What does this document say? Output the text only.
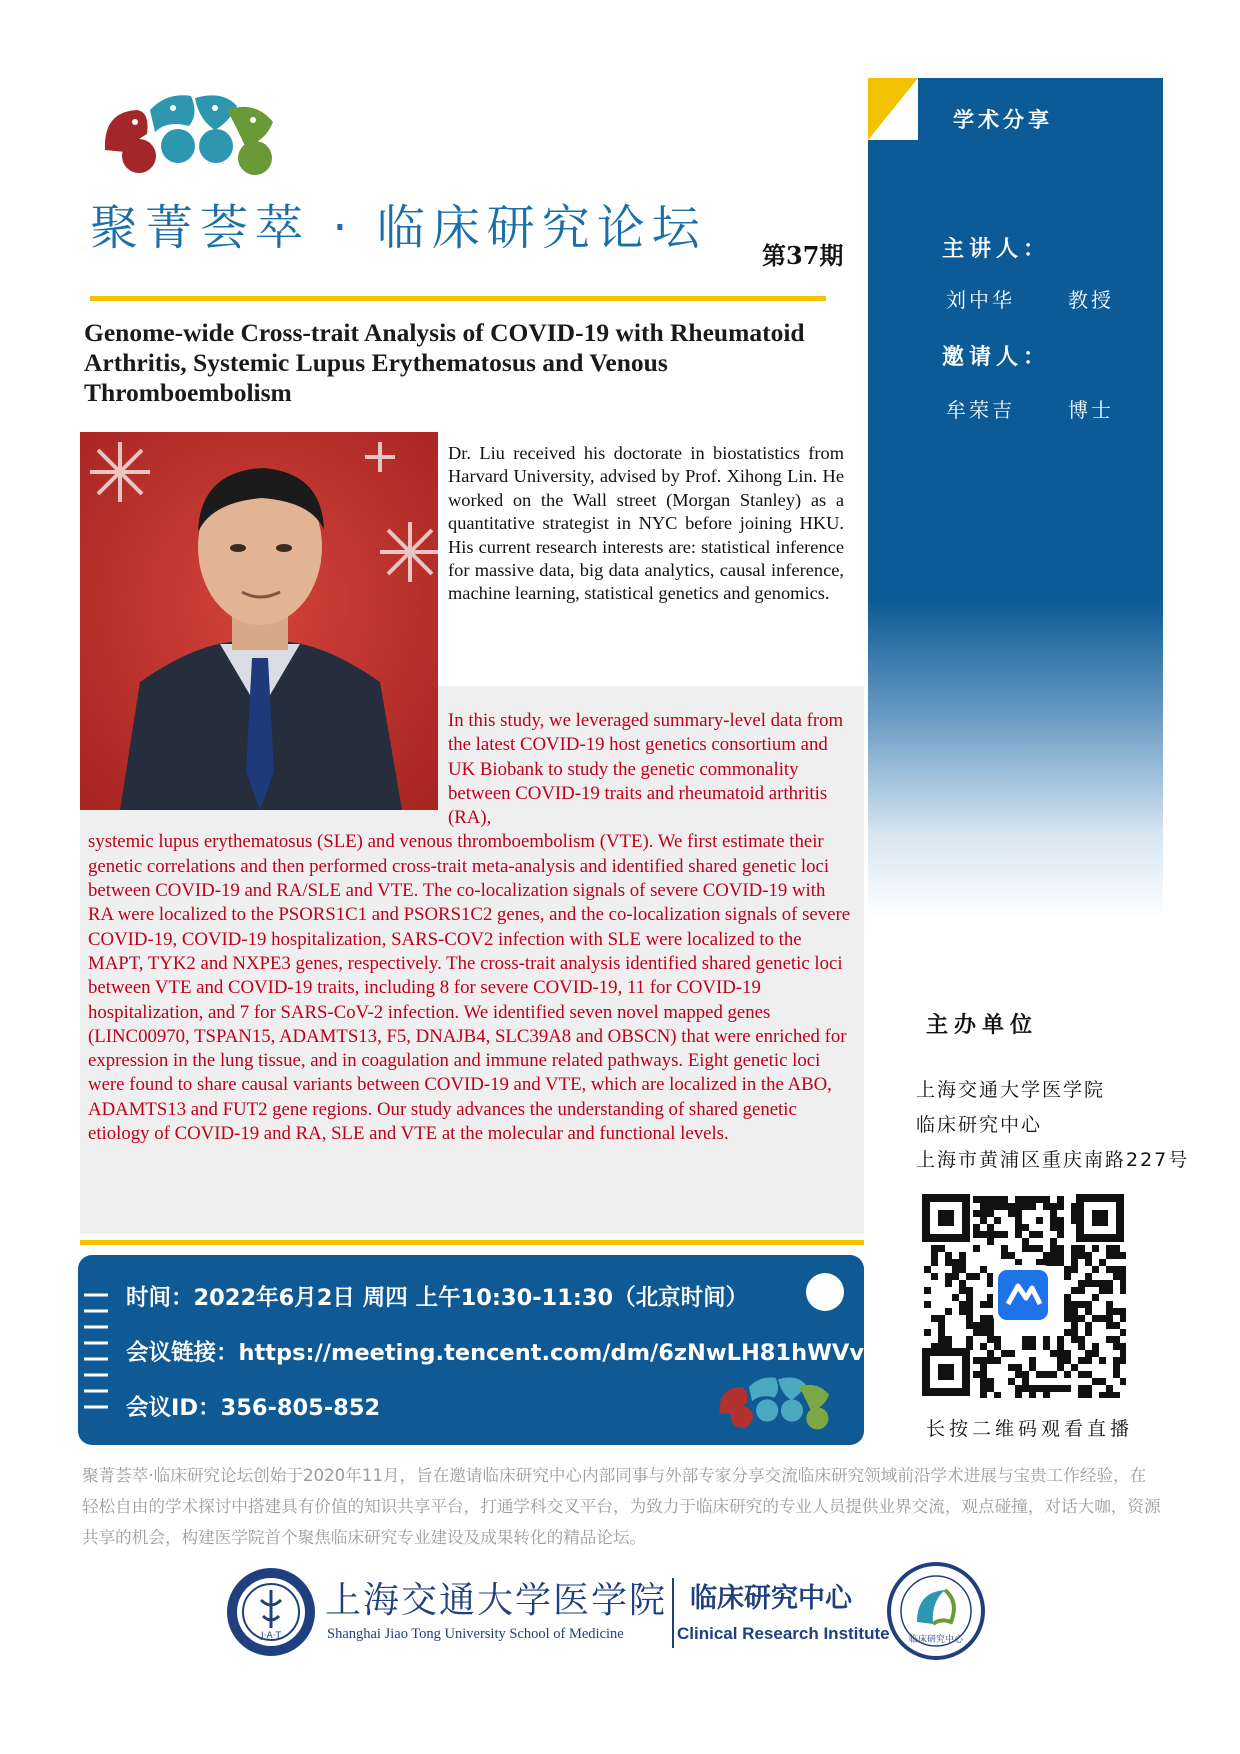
聚菁荟萃 · 临床研究论坛 第37期
Genome-wide Cross-trait Analysis of COVID-19 with Rheumatoid Arthritis, Systemic Lupus Erythematosus and Venous Thromboembolism
Dr. Liu received his doctorate in biostatistics from Harvard University, advised by Prof. Xihong Lin. He worked on the Wall street (Morgan Stanley) as a quantitative strategist in NYC before joining HKU. His current research interests are: statistical inference for massive data, big data analytics, causal inference, machine learning, statistical genetics and genomics.
In this study, we leveraged summary-level data from the latest COVID-19 host genetics consortium and UK Biobank to study the genetic commonality between COVID-19 traits and rheumatoid arthritis (RA),
systemic lupus erythematosus (SLE) and venous thromboembolism (VTE). We first estimate their genetic correlations and then performed cross-trait meta-analysis and identified shared genetic loci between COVID-19 and RA/SLE and VTE. The co-localization signals of severe COVID-19 with RA were localized to the PSORS1C1 and PSORS1C2 genes, and the co-localization signals of severe COVID-19, COVID-19 hospitalization, SARS-COV2 infection with SLE were localized to the MAPT, TYK2 and NXPE3 genes, respectively. The cross-trait analysis identified shared genetic loci between VTE and COVID-19 traits, including 8 for severe COVID-19, 11 for COVID-19 hospitalization, and 7 for SARS-CoV-2 infection. We identified seven novel mapped genes (LINC00970, TSPAN15, ADAMTS13, F5, DNAJB4, SLC39A8 and OBSCN) that were enriched for expression in the lung tissue, and in coagulation and immune related pathways. Eight genetic loci were found to share causal variants between COVID-19 and VTE, which are localized in the ABO, ADAMTS13 and FUT2 gene regions. Our study advances the understanding of shared genetic etiology of COVID-19 and RA, SLE and VTE at the molecular and functional levels.
学术分享
主讲人：
刘中华	教授
邀请人：
牟荣吉	博士
主办单位
上海交通大学医学院
临床研究中心
上海市黄浦区重庆南路227号
长按二维码观看直播
时间：2022年6月2日 周四 上午10:30-11:30（北京时间）
会议链接：https://meeting.tencent.com/dm/6zNwLH81hWVv
会议ID：356-805-852
聚菁荟萃·临床研究论坛创始于2020年11月，旨在邀请临床研究中心内部同事与外部专家分享交流临床研究领域前沿学术进展与宝贵工作经验，在轻松自由的学术探讨中搭建具有价值的知识共享平台，打通学科交叉平台，为致力于临床研究的专业人员提供业界交流，观点碰撞，对话大咖，资源共享的机会，构建医学院首个聚焦临床研究专业建设及成果转化的精品论坛。
J·A·T
上海交通大学医学院
Shanghai Jiao Tong University School of Medicine
临床研究中心
Clinical Research Institute 临床研究中心
